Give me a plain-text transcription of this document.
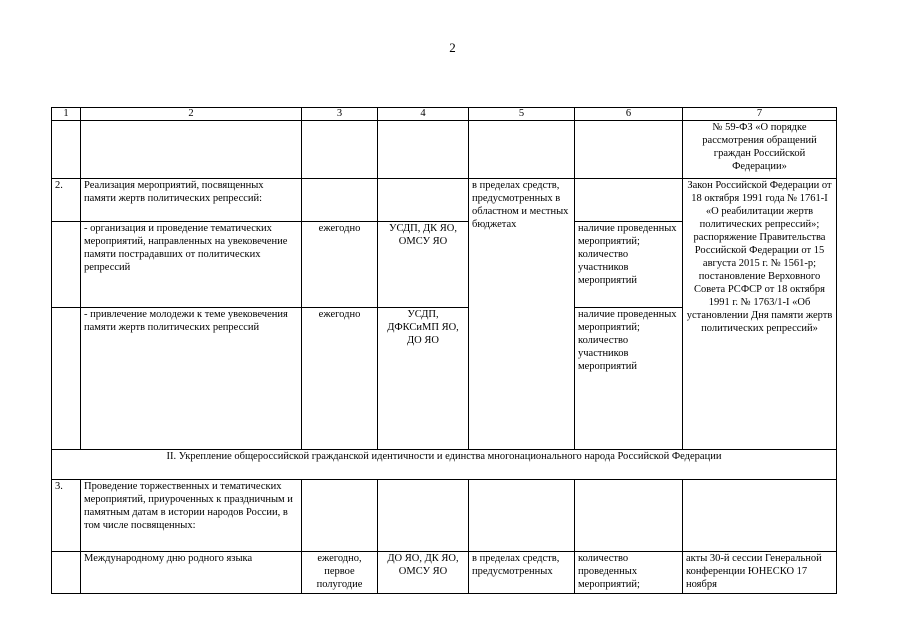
2
1	2	3	4	5	6	7
						№ 59-ФЗ «О порядке рассмотрения обращений граждан Российской Федерации»
2.	Реализация мероприятий, посвященных памяти жертв политических репрессий:			в пределах средств, предусмотренных в областном и местных бюджетах		Закон Российской Федерации от 18 октября 1991 года № 1761-I «О реабилитации жертв политических репрессий»; распоряжение Правительства Российской Федерации от 15 августа 2015 г. № 1561-р; постановление Верховного Совета РСФСР от 18 октября 1991 г. № 1763/1-I «Об установлении Дня памяти жертв политических репрессий»
	- организация и проведение тематических мероприятий, направленных на увековечение памяти пострадавших от политических репрессий	ежегодно	УСДП, ДК ЯО, ОМСУ ЯО		наличие проведенных мероприятий; количество участников мероприятий	
	- привлечение молодежи к теме увековечения памяти жертв политических репрессий	ежегодно	УСДП, ДФКСиМП ЯО, ДО ЯО		наличие проведенных мероприятий; количество участников мероприятий	
II. Укрепление общероссийской гражданской идентичности и единства многонационального народа Российской Федерации						
3.	Проведение торжественных и тематических мероприятий, приуроченных к праздничным и памятным датам в истории народов России, в том числе посвященных:					
	Международному дню родного языка	ежегодно, первое полугодие	ДО ЯО, ДК ЯО, ОМСУ ЯО	в пределах средств, предусмотренных	количество проведенных мероприятий;	акты 30-й сессии Генеральной конференции ЮНЕСКО 17 ноября
